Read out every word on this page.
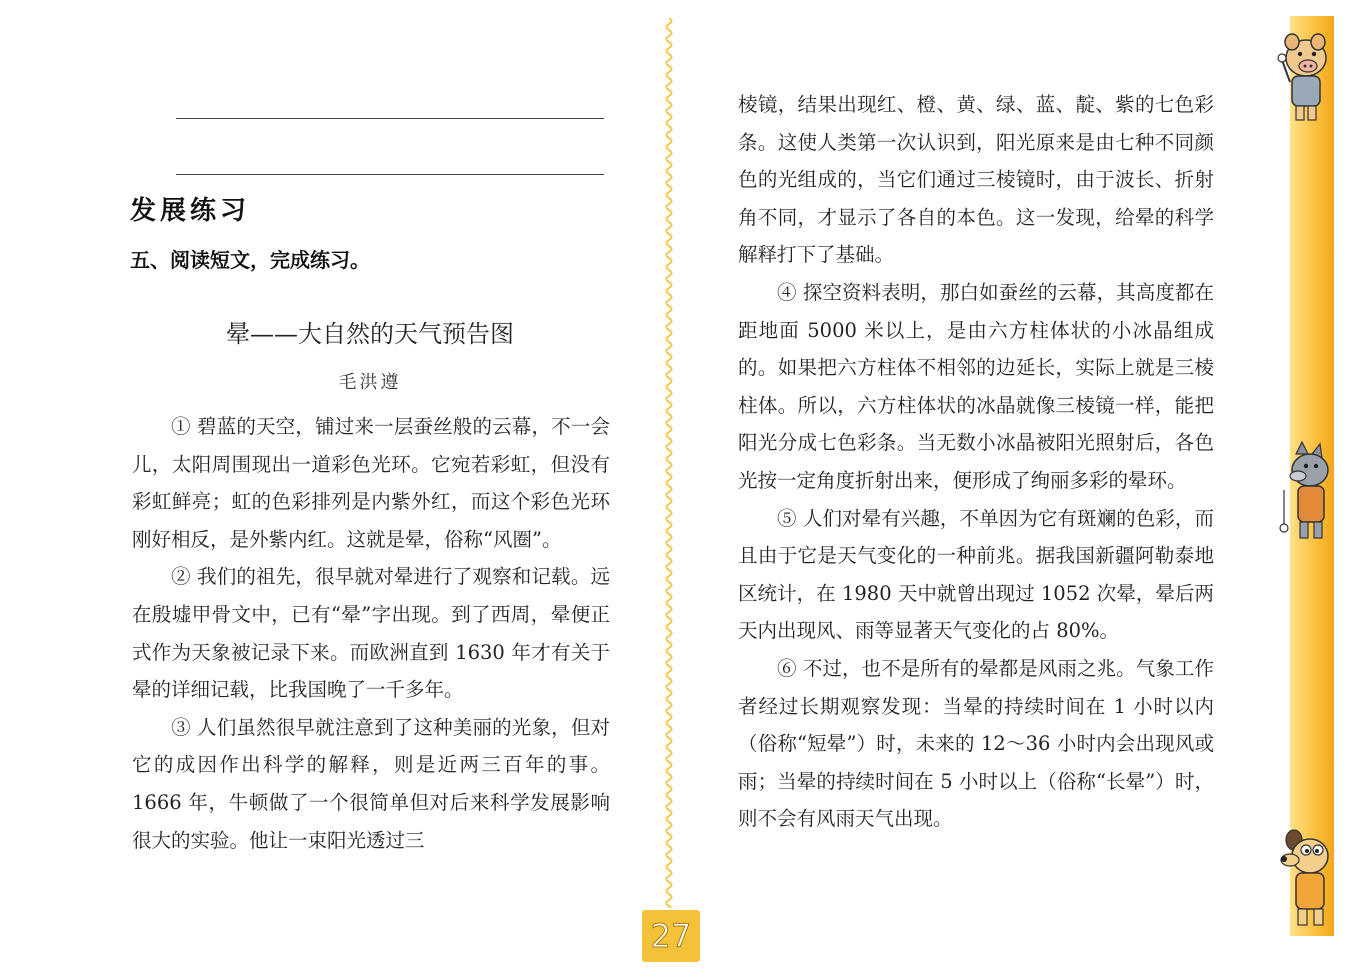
发展练习
五、阅读短文，完成练习。
晕——大自然的天气预告图
毛洪遵

① 碧蓝的天空，铺过来一层蚕丝般的云幕，不一会儿，太阳周围现出一道彩色光环。它宛若彩虹，但没有彩虹鲜亮；虹的色彩排列是内紫外红，而这个彩色光环刚好相反，是外紫内红。这就是晕，俗称“风圈”。

② 我们的祖先，很早就对晕进行了观察和记载。远在殷墟甲骨文中，已有“晕”字出现。到了西周，晕便正式作为天象被记录下来。而欧洲直到 1630 年才有关于晕的详细记载，比我国晚了一千多年。

③ 人们虽然很早就注意到了这种美丽的光象，但对它的成因作出科学的解释，则是近两三百年的事。1666 年，牛顿做了一个很简单但对后来科学发展影响很大的实验。他让一束阳光透过三

棱镜，结果出现红、橙、黄、绿、蓝、靛、紫的七色彩条。这使人类第一次认识到，阳光原来是由七种不同颜色的光组成的，当它们通过三棱镜时，由于波长、折射角不同，才显示了各自的本色。这一发现，给晕的科学解释打下了基础。

④ 探空资料表明，那白如蚕丝的云幕，其高度都在距地面 5000 米以上，是由六方柱体状的小冰晶组成的。如果把六方柱体不相邻的边延长，实际上就是三棱柱体。所以，六方柱体状的冰晶就像三棱镜一样，能把阳光分成七色彩条。当无数小冰晶被阳光照射后，各色光按一定角度折射出来，便形成了绚丽多彩的晕环。

⑤ 人们对晕有兴趣，不单因为它有斑斓的色彩，而且由于它是天气变化的一种前兆。据我国新疆阿勒泰地区统计，在 1980 天中就曾出现过 1052 次晕，晕后两天内出现风、雨等显著天气变化的占 80%。

⑥ 不过，也不是所有的晕都是风雨之兆。气象工作者经过长期观察发现：当晕的持续时间在 1 小时以内（俗称“短晕”）时，未来的 12～36 小时内会出现风或雨；当晕的持续时间在 5 小时以上（俗称“长晕”）时，则不会有风雨天气出现。

27
